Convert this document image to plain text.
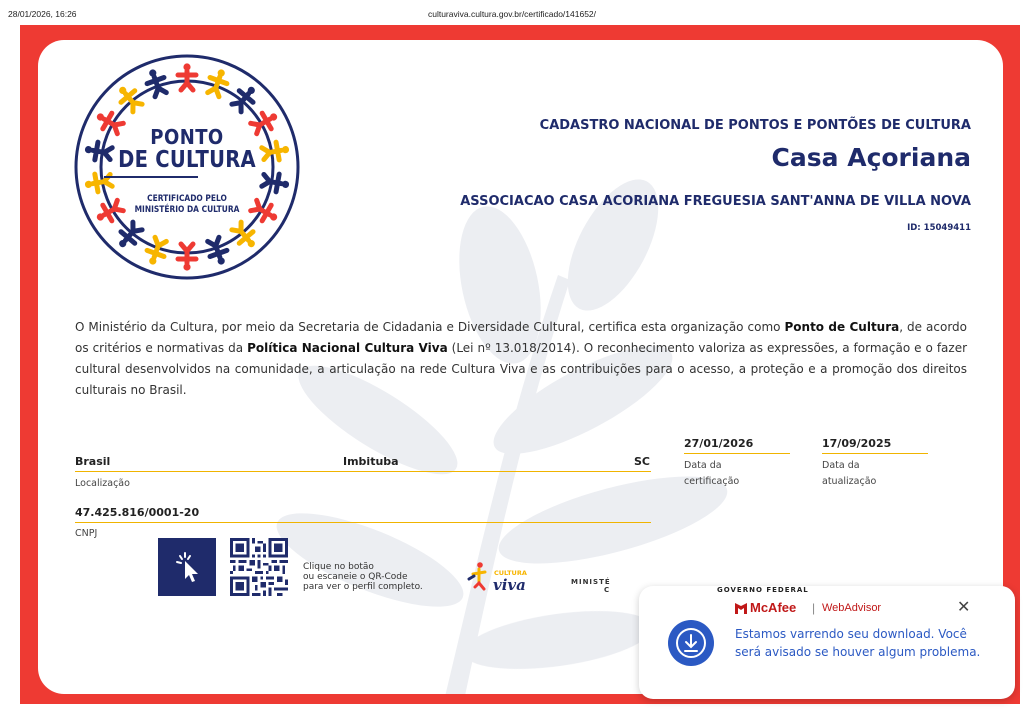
28/01/2026, 16:26	culturaviva.cultura.gov.br/certificado/141652/
PONTO
DE CULTURA
CERTIFICADO PELO
MINISTÉRIO DA CULTURA
CADASTRO NACIONAL DE PONTOS E PONTÕES DE CULTURA
Casa Açoriana
ASSOCIACAO CASA ACORIANA FREGUESIA SANT'ANNA DE VILLA NOVA
ID: 15049411
O Ministério da Cultura, por meio da Secretaria de Cidadania e Diversidade Cultural, certifica esta organização como Ponto de Cultura, de acordo os critérios e normativas da Política Nacional Cultura Viva (Lei nº 13.018/2014). O reconhecimento valoriza as expressões, a formação e o fazer cultural desenvolvidos na comunidade, a articulação na rede Cultura Viva e as contribuições para o acesso, a proteção e a promoção dos direitos culturais no Brasil.
Brasil	Imbituba	SC
Localização
47.425.816/0001-20
CNPJ
27/01/2026
Data da
certificação
17/09/2025
Data da
atualização
Clique no botão
ou escaneie o QR-Code
para ver o perfil completo.
CULTURA
viva	MINISTÉ
C	GOVERNO FEDERAL
McAfee | WebAdvisor	✕
Estamos varrendo seu download. Você será avisado se houver algum problema.
